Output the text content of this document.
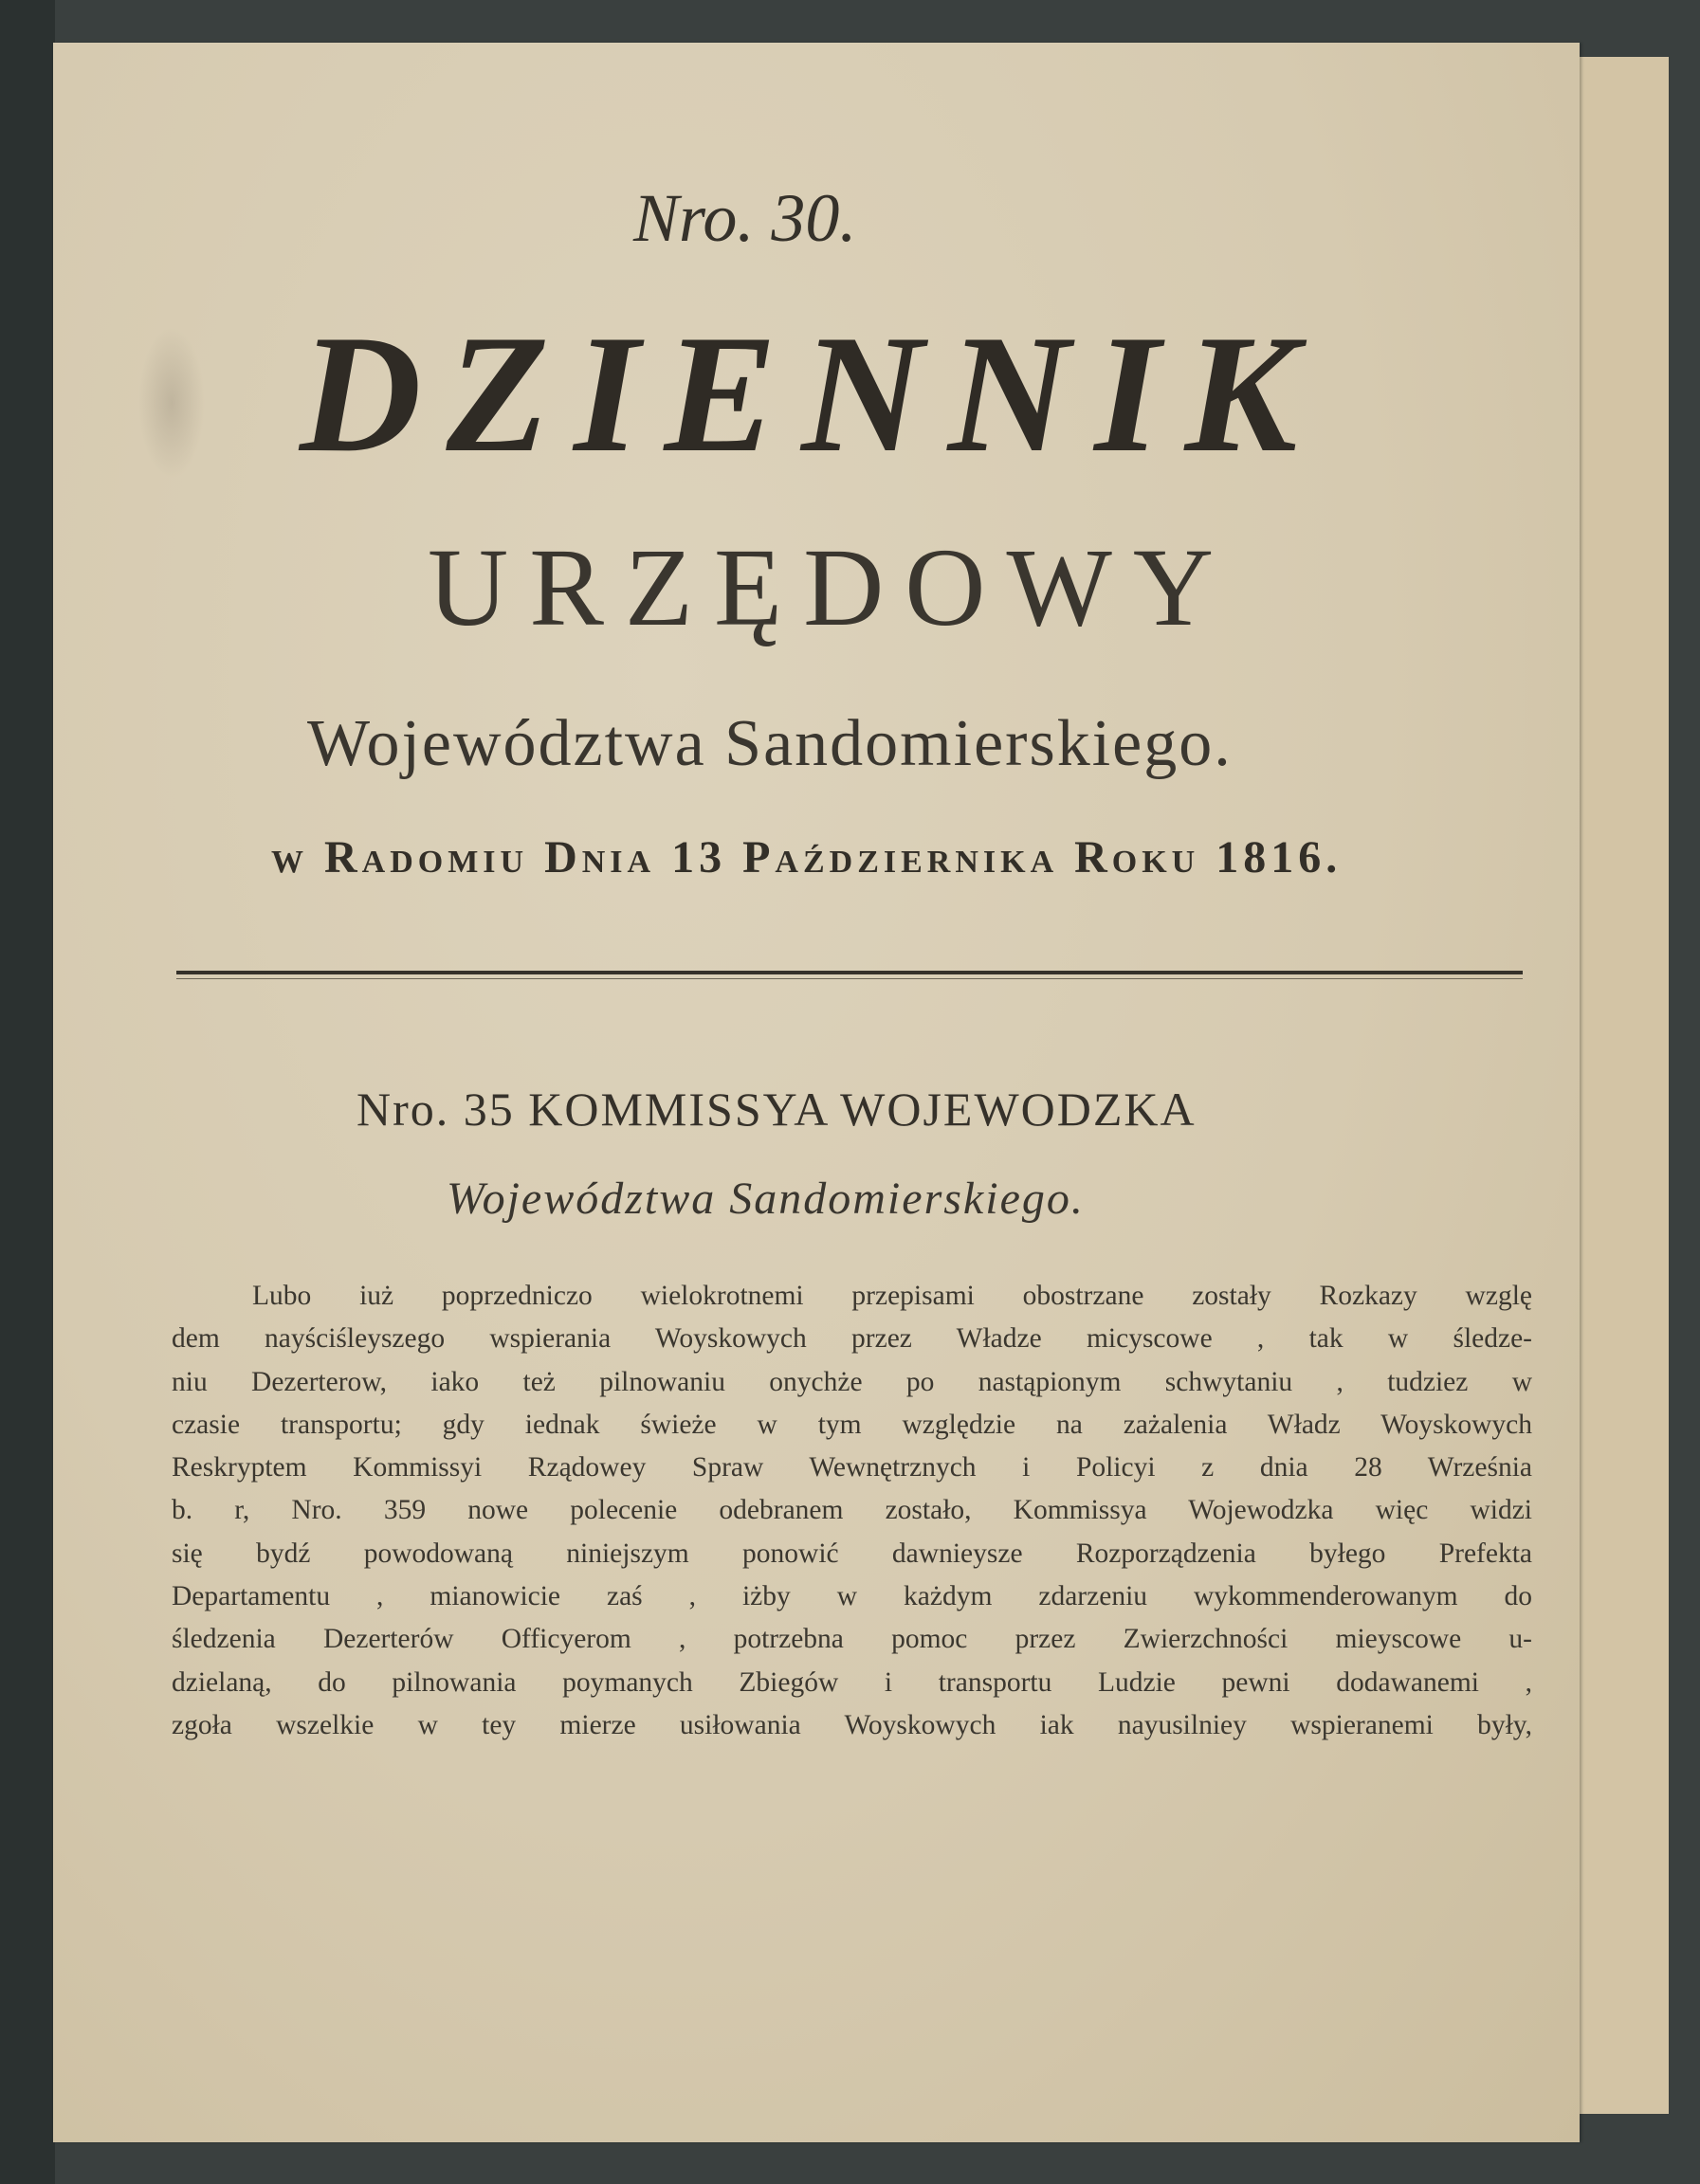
Nro. 30.
DZIENNIK
URZĘDOWY
Województwa Sandomierskiego.
w Radomiu Dnia 13 Października Roku 1816.
Nro. 35 KOMMISSYA WOJEWODZKA
Województwa Sandomierskiego.
Lubo iuż poprzedniczo wielokrotnemi przepisami obostrzane zostały Rozkazy wzglę
dem nayściśleyszego wspierania Woyskowych przez Władze micyscowe , tak w śledze-
niu Dezerterow, iako też pilnowaniu onychże po nastąpionym schwytaniu , tudziez w
czasie transportu; gdy iednak świeże w tym względzie na zażalenia Władz Woyskowych
Reskryptem Kommissyi Rządowey Spraw Wewnętrznych i Policyi z dnia 28 Września
b. r, Nro. 359 nowe polecenie odebranem zostało, Kommissya Wojewodzka więc widzi
się bydź powodowaną niniejszym ponowić dawnieysze Rozporządzenia byłego Prefekta
Departamentu , mianowicie zaś , iżby w każdym zdarzeniu wykommenderowanym do
śledzenia Dezerterów Officyerom , potrzebna pomoc przez Zwierzchności mieyscowe u-
dzielaną, do pilnowania poymanych Zbiegów i transportu Ludzie pewni dodawanemi ,
zgoła wszelkie w tey mierze usiłowania Woyskowych iak nayusilniey wspieranemi były,
